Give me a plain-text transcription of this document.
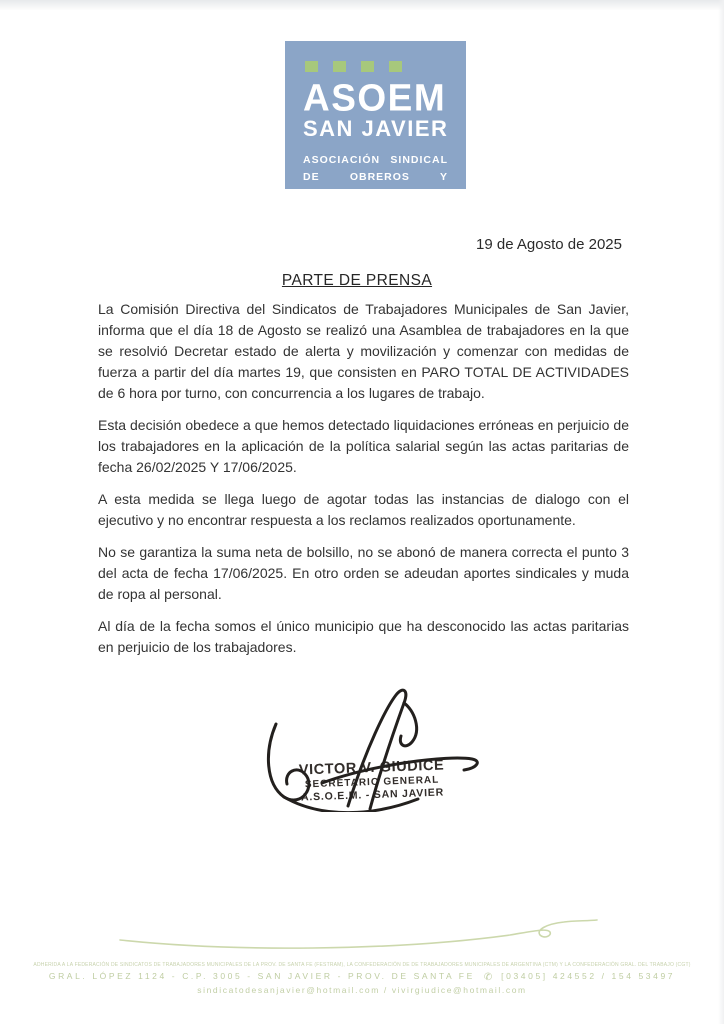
ASOEM
SAN JAVIER
ASOCIACIÓN SINDICAL
DE OBREROS Y
EMPLEADOS MUNICIPALES
19 de Agosto de 2025
PARTE DE PRENSA

La Comisión Directiva del Sindicatos de Trabajadores Municipales de San Javier, informa que el día 18 de Agosto se realizó una Asamblea de trabajadores en la que se resolvió Decretar estado de alerta y movilización y comenzar con medidas de fuerza a partir del día martes 19, que consisten en PARO TOTAL DE ACTIVIDADES de 6 hora por turno, con concurrencia a los lugares de trabajo.

Esta decisión obedece a que hemos detectado liquidaciones erróneas en perjuicio de los trabajadores en la aplicación de la política salarial según las actas paritarias de fecha 26/02/2025 Y 17/06/2025.

A esta medida se llega luego de agotar todas las instancias de dialogo con el ejecutivo y no encontrar respuesta a los reclamos realizados oportunamente.

No se garantiza la suma neta de bolsillo, no se abonó de manera correcta el punto 3 del acta de fecha 17/06/2025. En otro orden se adeudan aportes sindicales y muda de ropa al personal.

Al día de la fecha somos el único municipio que ha desconocido las actas paritarias en perjuicio de los trabajadores.

VICTOR V. GIUDICE
SECRETARIO GENERAL
A.S.O.E.M. - SAN JAVIER
ADHERIDA A LA FEDERACIÓN DE SINDICATOS DE TRABAJADORES MUNICIPALES DE LA PROV. DE SANTA FE (FESTRAM), LA CONFEDERACIÓN DE DE TRABAJADORES MUNICIPALES DE ARGENTINA (CTM) Y LA CONFEDERACIÓN GRAL. DEL TRABAJO (CGT)
GRAL. LÓPEZ 1124 - C.P. 3005 - SAN JAVIER - PROV. DE SANTA FE ✆ [03405] 424552 / 154 53497
sindicatodesanjavier@hotmail.com / vivirgiudice@hotmail.com
